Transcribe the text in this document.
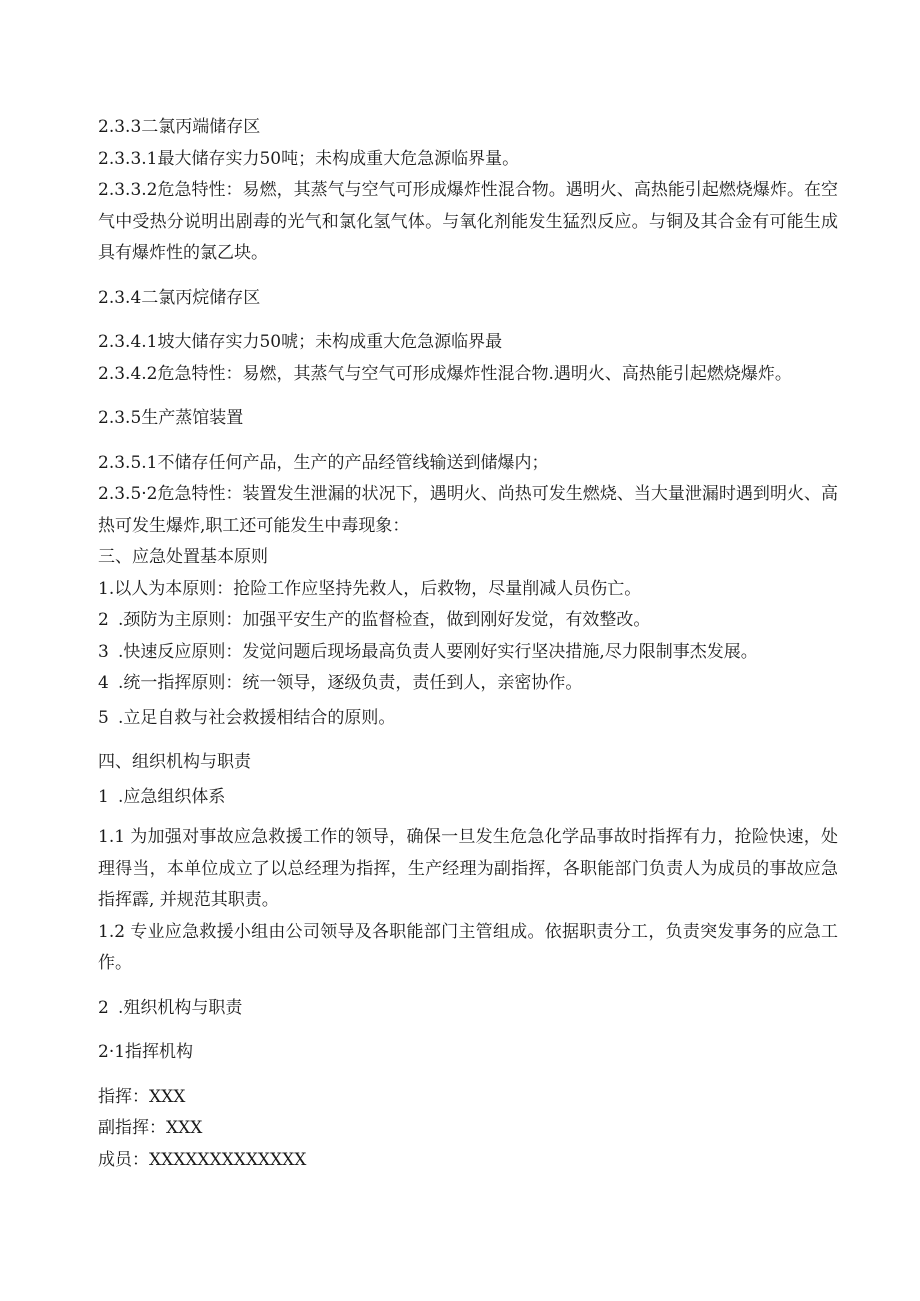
2.3.3二氯丙端储存区

2.3.3.1最大储存实力50吨；未构成重大危急源临界量。

2.3.3.2危急特性：易燃，其蒸气与空气可形成爆炸性混合物。遇明火、高热能引起燃烧爆炸。在空气中受热分说明出剧毒的光气和氯化氢气体。与氧化剂能发生猛烈反应。与铜及其合金有可能生成具有爆炸性的氯乙块。

2.3.4二氯丙烷储存区

2.3.4.1坡大储存实力50唬；未构成重大危急源临界最

2.3.4.2危急特性：易燃，其蒸气与空气可形成爆炸性混合物.遇明火、高热能引起燃烧爆炸。

2.3.5生产蒸馆装置

2.3.5.1不储存任何产品，生产的产品经管线输送到储爆内；

2.3.5·2危急特性：装置发生泄漏的状况下，遇明火、尚热可发生燃烧、当大量泄漏时遇到明火、高热可发生爆炸,职工还可能发生中毒现象：

三、应急处置基本原则

1.以人为本原则：抢险工作应坚持先救人，后救物，尽量削减人员伤亡。

2 .颈防为主原则：加强平安生产的监督检查，做到刚好发觉，有效整改。

3 .快速反应原则：发觉问题后现场最高负责人要刚好实行坚决措施,尽力限制事杰发展。

4 .统一指挥原则：统一领导，逐级负责，责任到人，亲密协作。

5 .立足自救与社会救援相结合的原则。

四、组织机构与职责

1 .应急组织体系

1.1 为加强对事故应急救援工作的领导，确保一旦发生危急化学品事故时指挥有力，抢险快速，处理得当，本单位成立了以总经理为指挥，生产经理为副指挥，各职能部门负责人为成员的事故应急指挥霹, 并规范其职责。

1.2 专业应急救援小组由公司领导及各职能部门主管组成。依据职责分工，负责突发事务的应急工作。

2 .殂织机构与职责

2·1指挥机构

指挥：XXX

副指挥：XXX

成员：XXXXXXXXXXXXX
